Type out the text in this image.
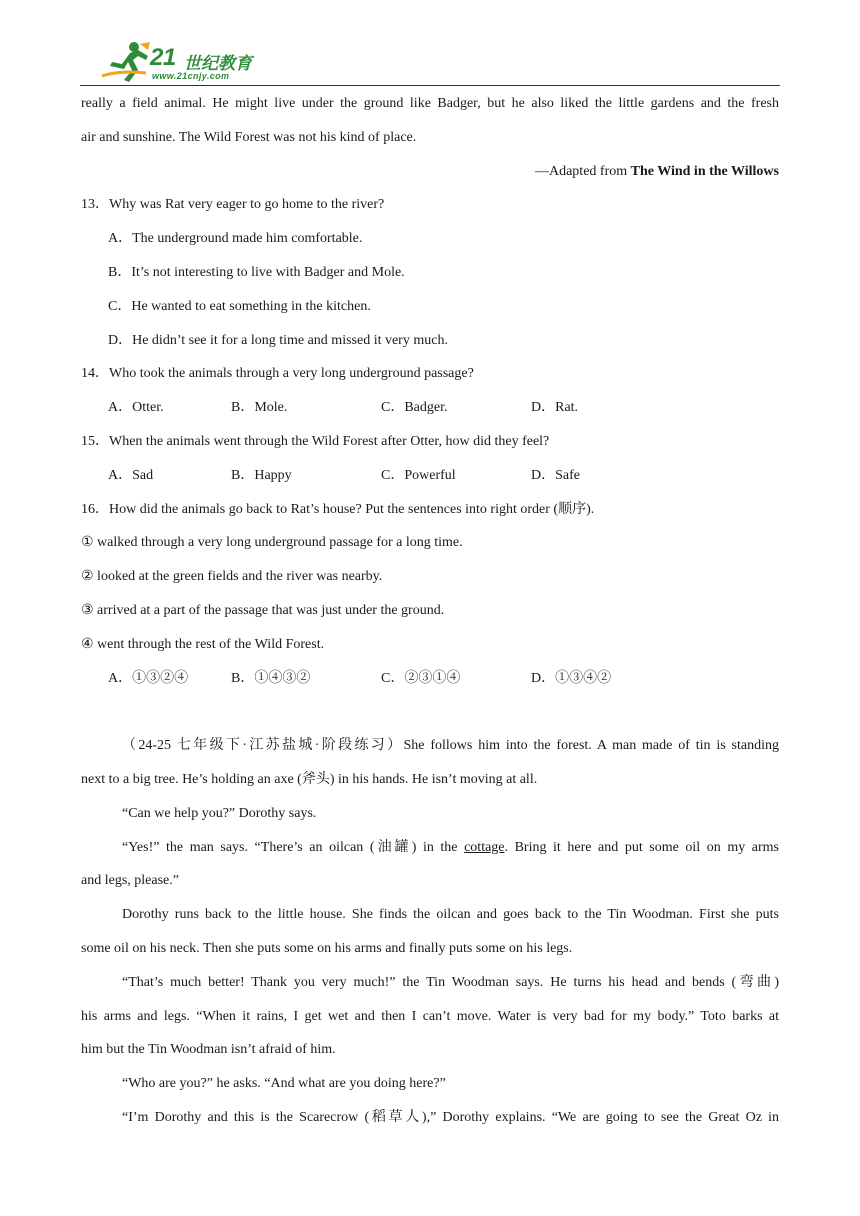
21 世纪教育
www.21cnjy.com
really a field animal. He might live under the ground like Badger, but he also liked the little gardens and the fresh
air and sunshine. The Wild Forest was not his kind of place.
—Adapted from The Wind in the Willows
13．Why was Rat very eager to go home to the river?
A．The underground made him comfortable.
B．It’s not interesting to live with Badger and Mole.
C．He wanted to eat something in the kitchen.
D．He didn’t see it for a long time and missed it very much.
14．Who took the animals through a very long underground passage?
A．Otter.	B．Mole.	C．Badger.	D．Rat.
15．When the animals went through the Wild Forest after Otter, how did they feel?
A．Sad	B．Happy	C．Powerful	D．Safe
16．How did the animals go back to Rat’s house? Put the sentences into right order (顺序).
① walked through a very long underground passage for a long time.
② looked at the green fields and the river was nearby.
③ arrived at a part of the passage that was just under the ground.
④ went through the rest of the Wild Forest.
A．①③②④	B．①④③②	C．②③①④	D．①③④②
（24-25 七年级下·江苏盐城·阶段练习）She follows him into the forest. A man made of tin is standing
next to a big tree. He’s holding an axe (斧头) in his hands. He isn’t moving at all.
“Can we help you?” Dorothy says.
“Yes!” the man says. “There’s an oilcan (油罐) in the cottage. Bring it here and put some oil on my arms
and legs, please.”
Dorothy runs back to the little house. She finds the oilcan and goes back to the Tin Woodman. First she puts
some oil on his neck. Then she puts some on his arms and finally puts some on his legs.
“That’s much better! Thank you very much!” the Tin Woodman says. He turns his head and bends (弯曲)
his arms and legs. “When it rains, I get wet and then I can’t move. Water is very bad for my body.” Toto barks at
him but the Tin Woodman isn’t afraid of him.
“Who are you?” he asks. “And what are you doing here?”
“I’m Dorothy and this is the Scarecrow (稻草人),” Dorothy explains. “We are going to see the Great Oz in
